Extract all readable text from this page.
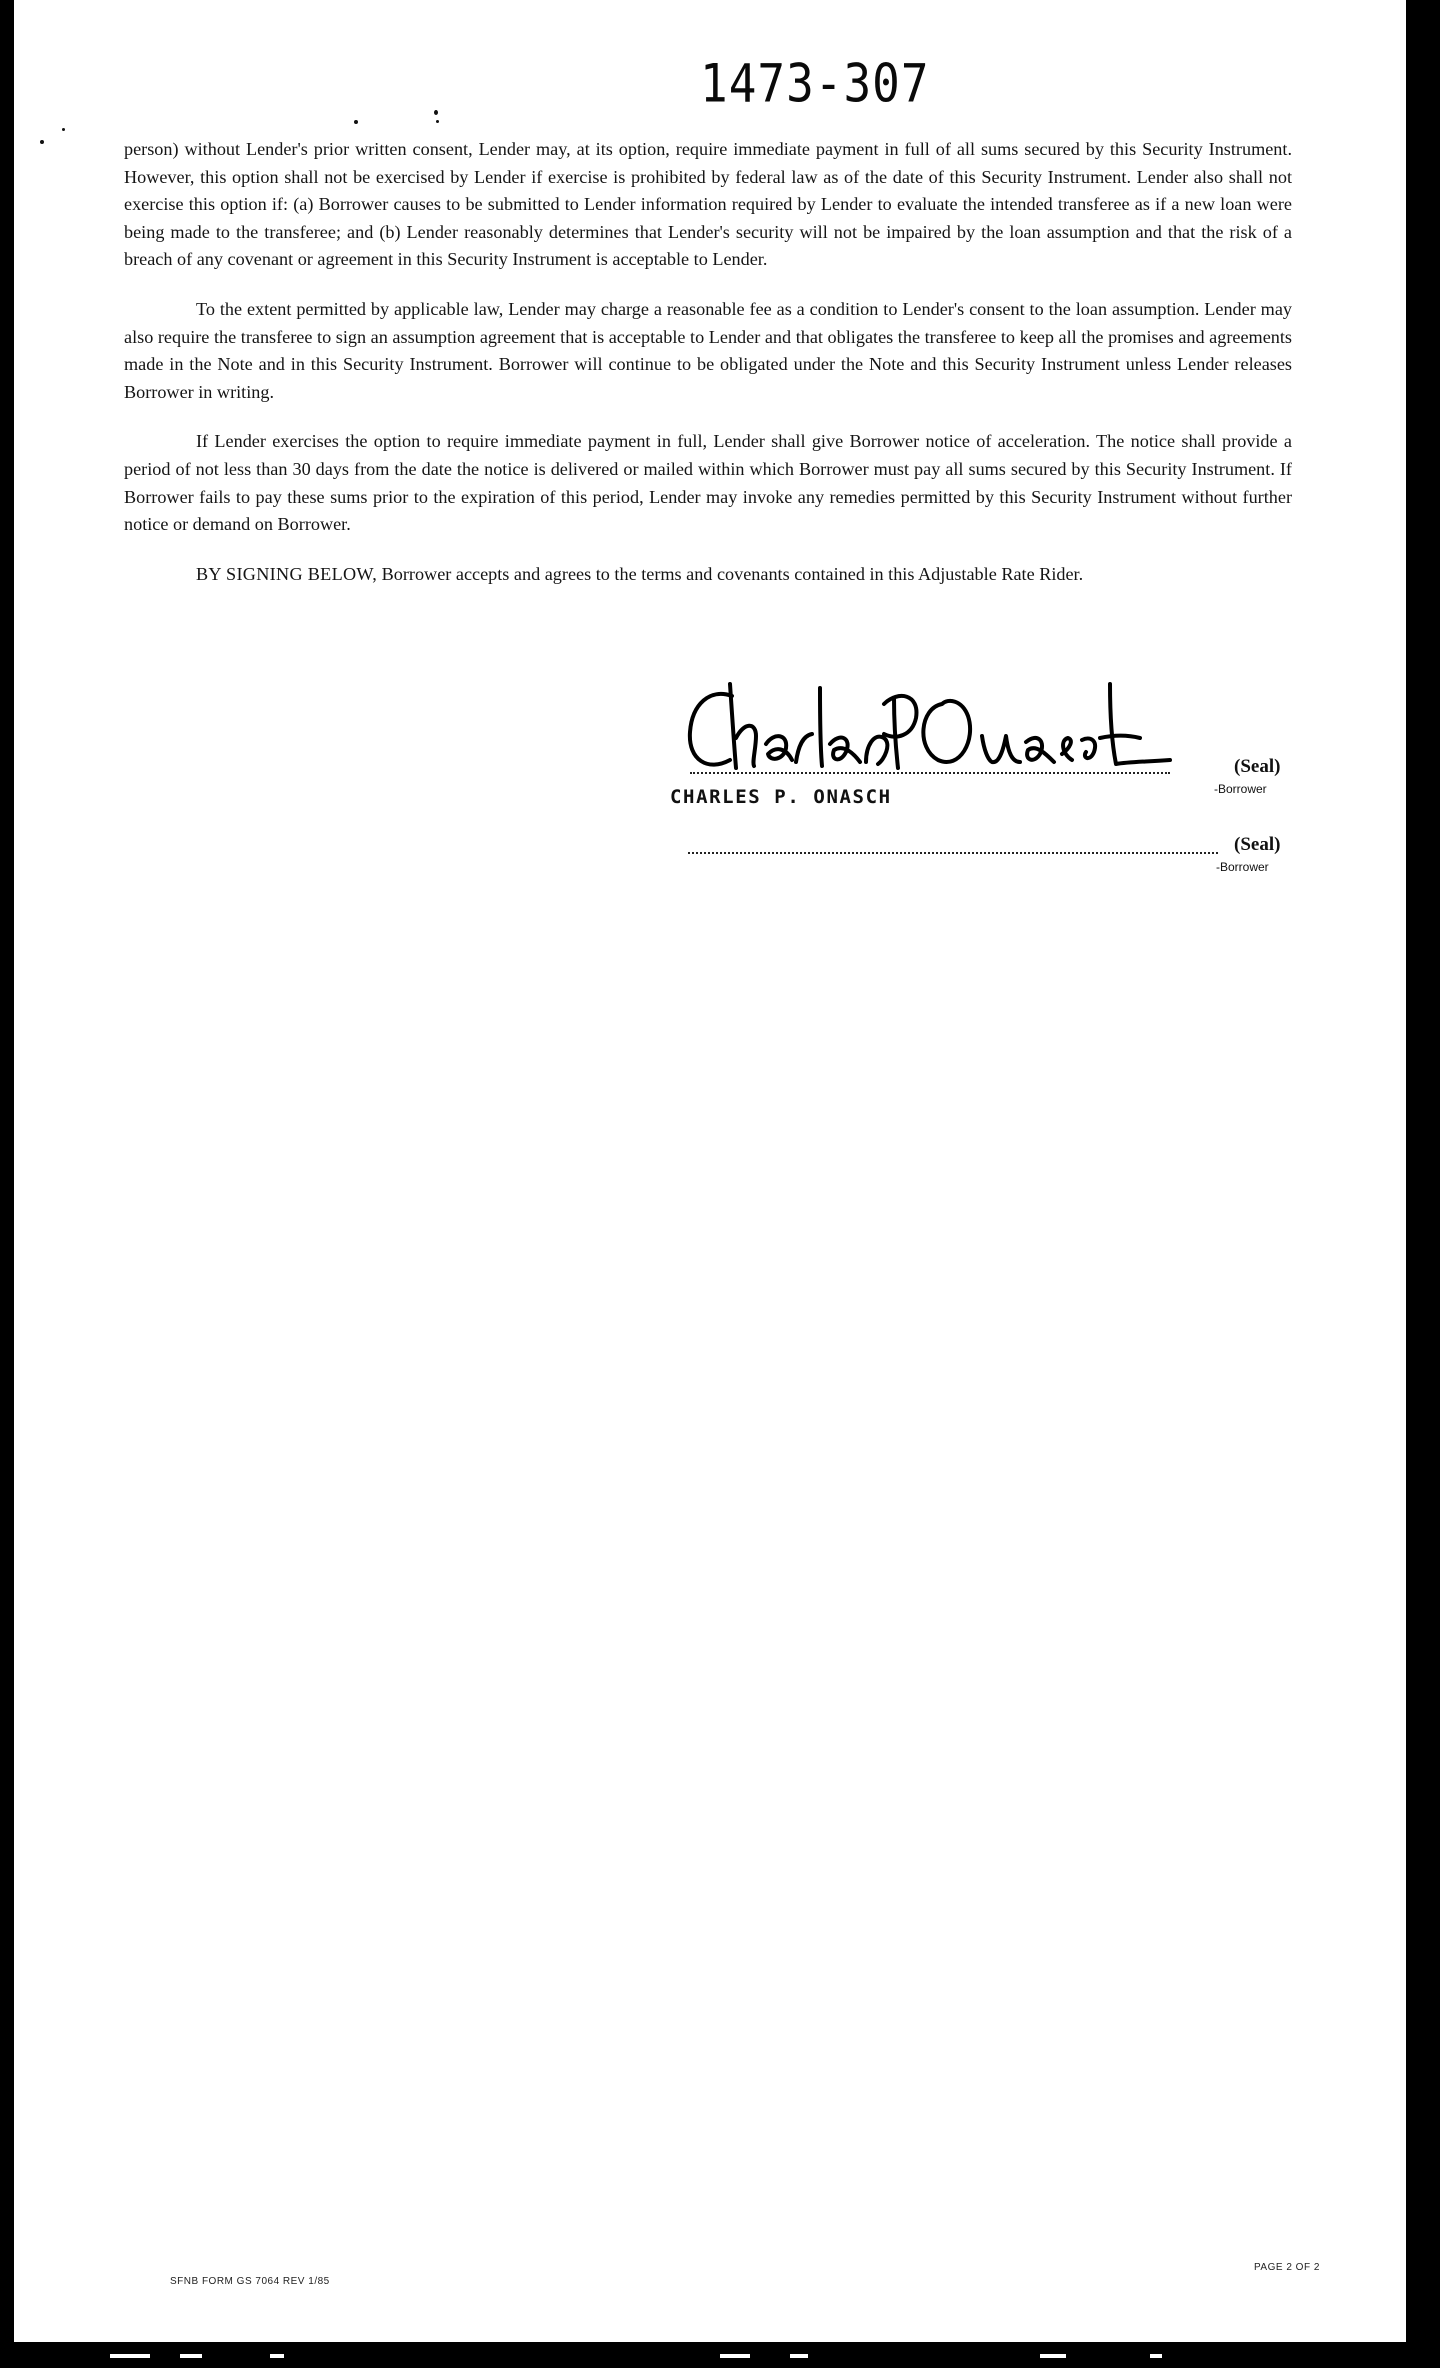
1473-307

person) without Lender's prior written consent, Lender may, at its option, require immediate payment in full of all sums secured by this Security Instrument. However, this option shall not be exercised by Lender if exercise is prohibited by federal law as of the date of this Security Instrument. Lender also shall not exercise this option if: (a) Borrower causes to be submitted to Lender information required by Lender to evaluate the intended transferee as if a new loan were being made to the transferee; and (b) Lender reasonably determines that Lender's security will not be impaired by the loan assumption and that the risk of a breach of any covenant or agreement in this Security Instrument is acceptable to Lender.

To the extent permitted by applicable law, Lender may charge a reasonable fee as a condition to Lender's consent to the loan assumption. Lender may also require the transferee to sign an assumption agreement that is acceptable to Lender and that obligates the transferee to keep all the promises and agreements made in the Note and in this Security Instrument. Borrower will continue to be obligated under the Note and this Security Instrument unless Lender releases Borrower in writing.

If Lender exercises the option to require immediate payment in full, Lender shall give Borrower notice of acceleration. The notice shall provide a period of not less than 30 days from the date the notice is delivered or mailed within which Borrower must pay all sums secured by this Security Instrument. If Borrower fails to pay these sums prior to the expiration of this period, Lender may invoke any remedies permitted by this Security Instrument without further notice or demand on Borrower.

BY SIGNING BELOW, Borrower accepts and agrees to the terms and covenants contained in this Adjustable Rate Rider.

(Seal)
-Borrower
CHARLES P. ONASCH
(Seal)
-Borrower
SFNB FORM GS 7064 REV 1/85
PAGE 2 OF 2
